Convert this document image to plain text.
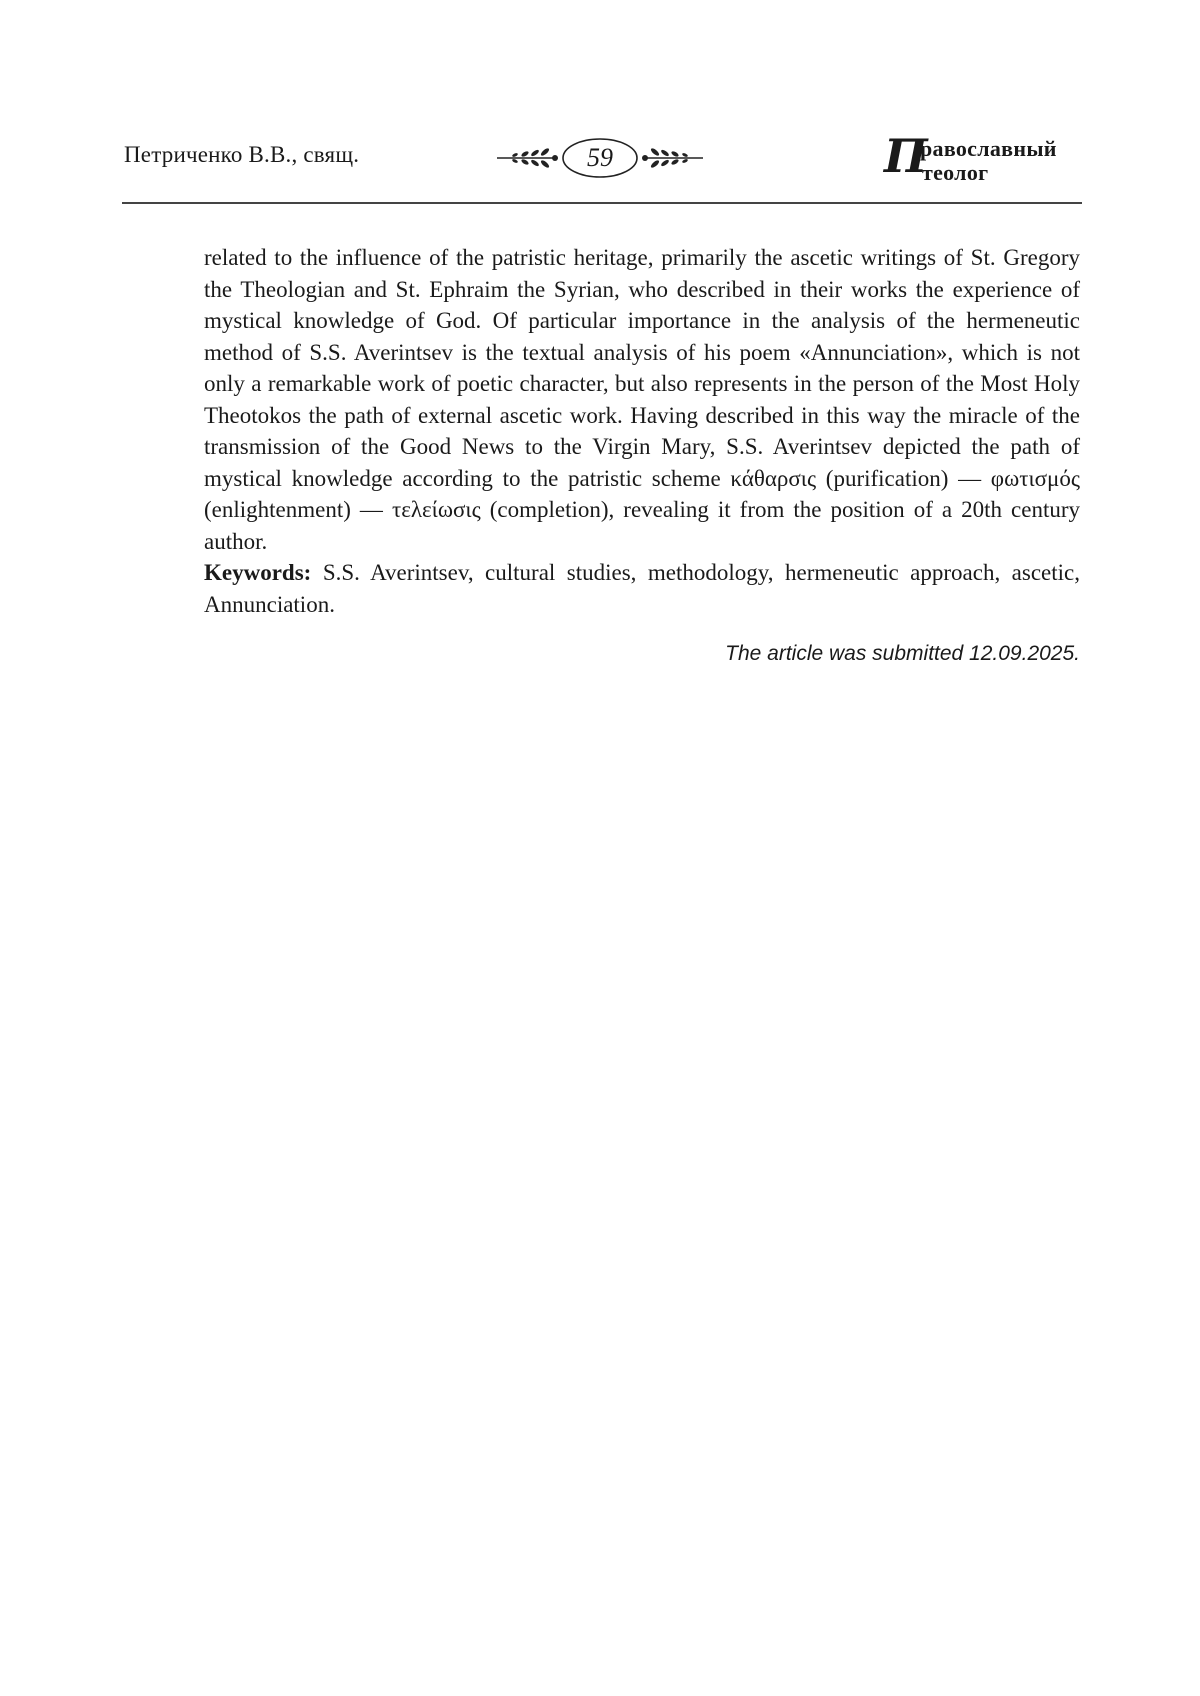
Петриченко В.В., свящ.	59	П
равославный
теолог

related to the influence of the patristic heritage, primarily the ascetic writings of St. Gregory the Theologian and St. Ephraim the Syrian, who described in their works the experience of mystical knowledge of God. Of particular importance in the analysis of the hermeneutic method of S.S. Averintsev is the textual analysis of his poem «Annunciation», which is not only a remarkable work of poetic character, but also represents in the person of the Most Holy Theotokos the path of external ascetic work. Having described in this way the miracle of the transmission of the Good News to the Virgin Mary, S.S. Averintsev depicted the path of mystical knowledge according to the patristic scheme κάθαρσις (purification) — φωτισμός (enlightenment) — τελείωσις (completion), revealing it from the position of a 20th century author.

Keywords: S.S. Averintsev, cultural studies, methodology, hermeneutic approach, ascetic, Annunciation.

The article was submitted 12.09.2025.
